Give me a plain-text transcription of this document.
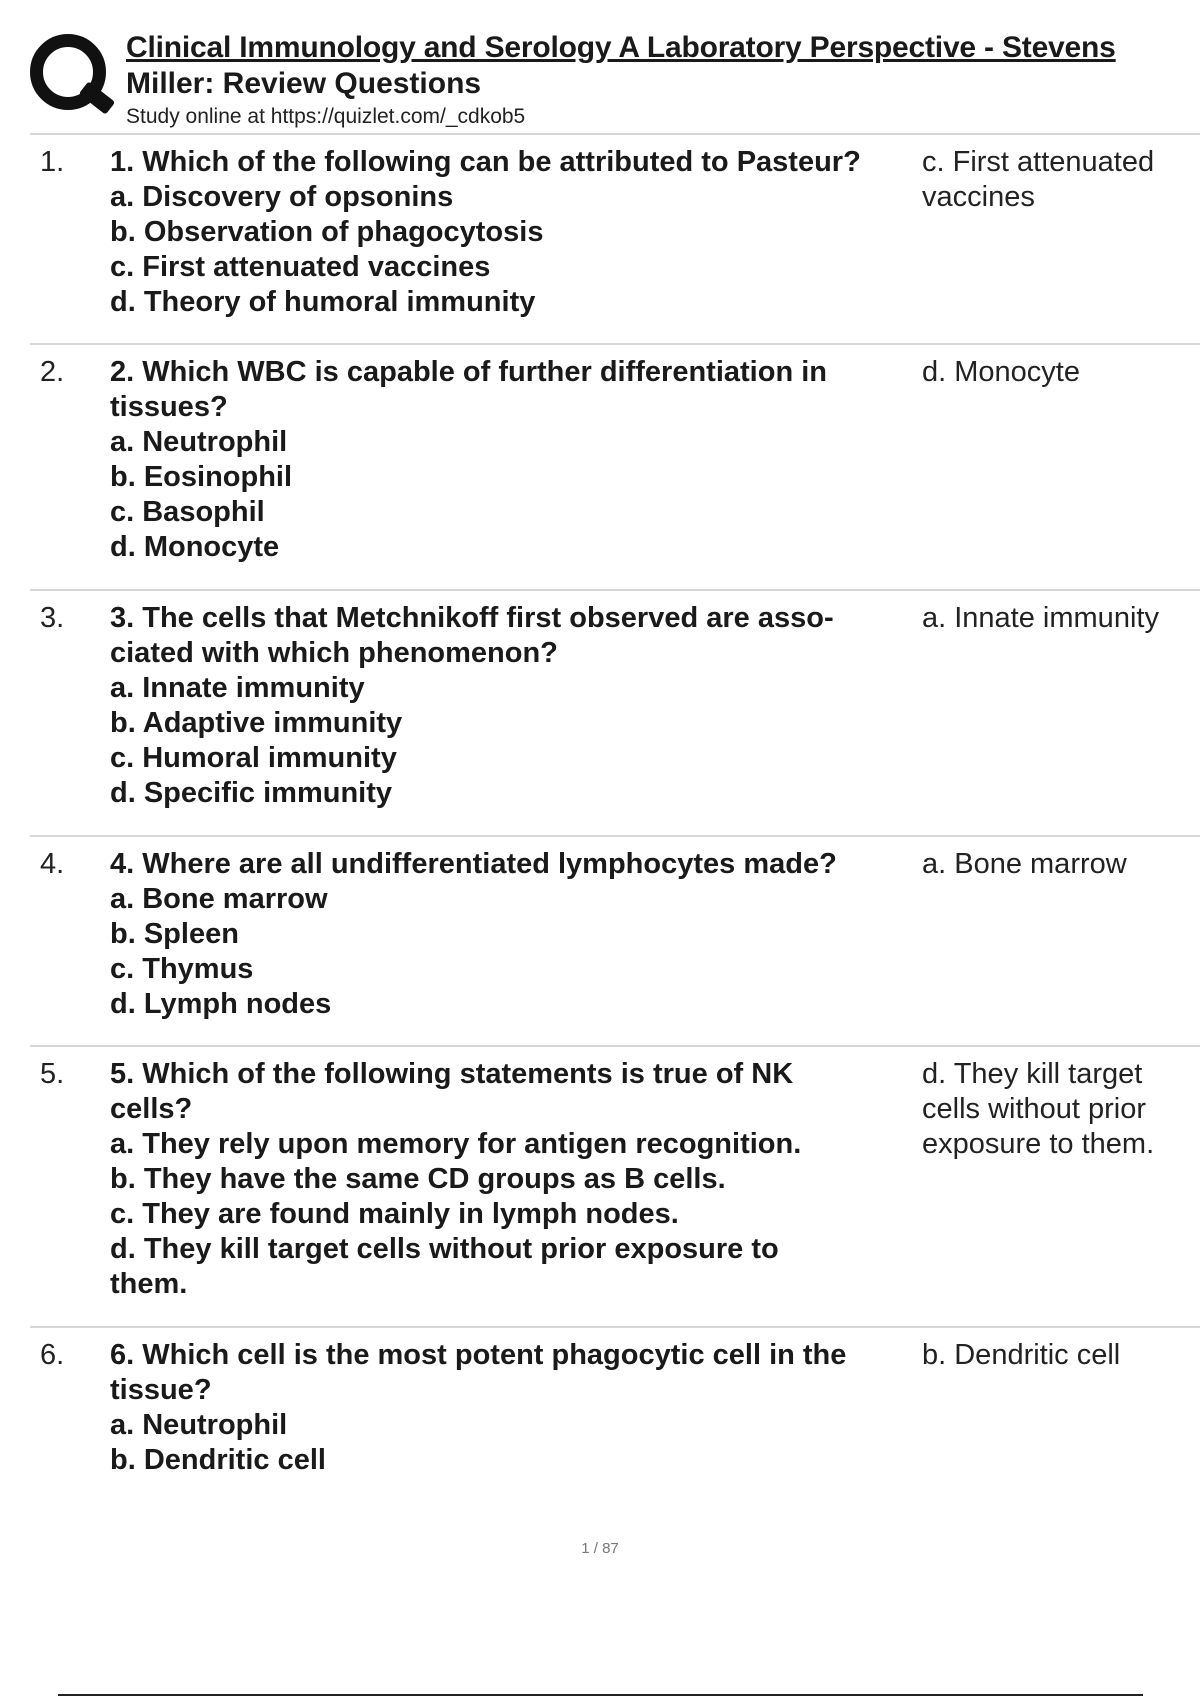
Clinical Immunology and Serology A Laboratory Perspective - Stevens
Miller: Review Questions
Study online at https://quizlet.com/_cdkob5
1. 1. Which of the following can be attributed to Pasteur?
a. Discovery of opsonins
b. Observation of phagocytosis
c. First attenuated vaccines
d. Theory of humoral immunity
c. First attenuated
vaccines
2. 2. Which WBC is capable of further differentiation in
tissues?
a. Neutrophil
b. Eosinophil
c. Basophil
d. Monocyte
d. Monocyte
3. 3. The cells that Metchnikoff first observed are asso-
ciated with which phenomenon?
a. Innate immunity
b. Adaptive immunity
c. Humoral immunity
d. Specific immunity
a. Innate immunity
4. 4. Where are all undifferentiated lymphocytes made?
a. Bone marrow
b. Spleen
c. Thymus
d. Lymph nodes
a. Bone marrow
5. 5. Which of the following statements is true of NK
cells?
a. They rely upon memory for antigen recognition.
b. They have the same CD groups as B cells.
c. They are found mainly in lymph nodes.
d. They kill target cells without prior exposure to
them.
d. They kill target
cells without prior
exposure to them.
6. 6. Which cell is the most potent phagocytic cell in the
tissue?
a. Neutrophil
b. Dendritic cell
b. Dendritic cell
1 / 87
